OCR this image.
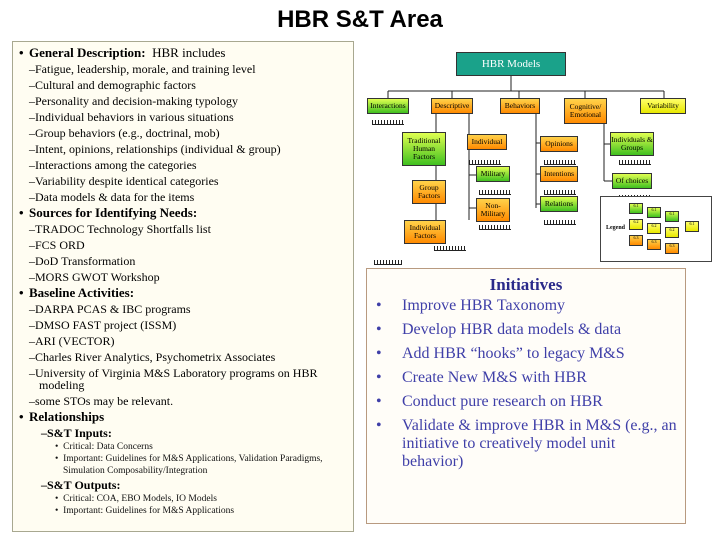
HBR S&T Area
• General Description: HBR includes
–Fatigue, leadership, morale, and training level
–Cultural and demographic factors
–Personality and decision-making typology
–Individual behaviors in various situations
–Group behaviors (e.g., doctrinal, mob)
–Intent, opinions, relationships (individual & group)
–Interactions among the categories
–Variability despite identical categories
–Data models & data for the items
• Sources for Identifying Needs:
–TRADOC Technology Shortfalls list
–FCS ORD
–DoD Transformation
–MORS GWOT Workshop
• Baseline Activities:
–DARPA PCAS & IBC programs
–DMSO FAST project (ISSM)
–ARI (VECTOR)
–Charles River Analytics, Psychometrix Associates
–University of Virginia M&S Laboratory programs on HBR modeling
–some STOs may be relevant.
• Relationships
–S&T Inputs:
•  Critical: Data Concerns
•  Important: Guidelines for M&S Applications, Validation Paradigms, Simulation Composability/Integration
–S&T Outputs:
•  Critical: COA, EBO Models, IO Models
•  Important: Guidelines for M&S Applications
HBR Models
Interactions	Descriptive	Behaviors	Cognitive/ Emotional
Variability
Traditional Human Factors
Group Factors
Individual Factors
Individual
Military
Non-Military
Opinions
Intentions
Relations
Individuals & Groups
Of choices
Legend
6.1
6.2
6.3
6.1
6.2
6.3
6.1
6.2
6.3
6.1
Initiatives
•	Improve HBR Taxonomy
•	Develop HBR data models & data
•	Add HBR “hooks” to legacy M&S
•	Create New M&S with HBR
•	Conduct pure research on HBR
•	Validate & improve HBR in M&S (e.g., an initiative to creatively model unit behavior)
